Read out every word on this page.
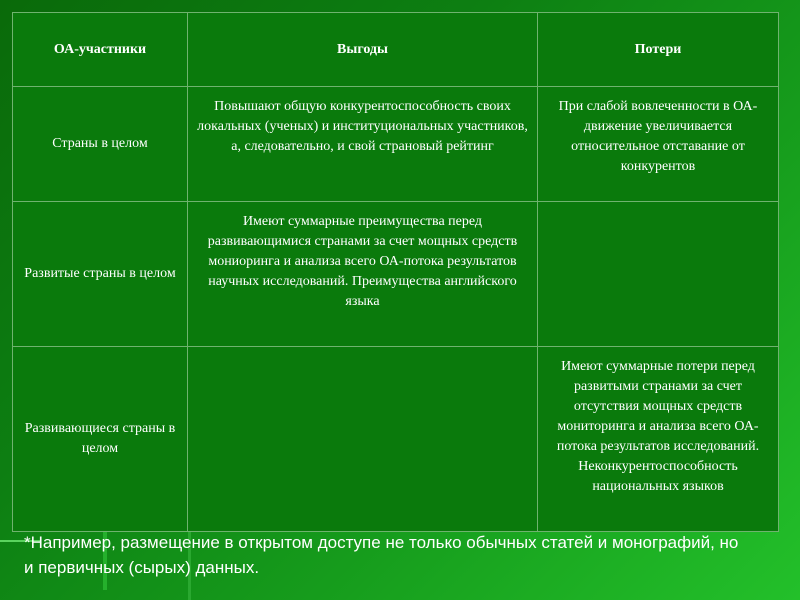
ОА-участники	Выгоды	Потери
Страны в целом	Повышают общую конкурентоспособность своих локальных (ученых) и институциональных участников, а, следовательно, и свой страновый рейтинг	При слабой вовлеченности в ОА-движение увеличивается относительное отставание от конкурентов
Развитые страны в целом	Имеют суммарные преимущества перед развивающимися странами за счет мощных средств мониоринга и анализа всего ОА-потока результатов научных исследований. Преимущества английского языка	
Развивающиеся страны в целом		Имеют суммарные потери перед развитыми странами за счет отсутствия мощных средств мониторинга и анализа всего ОА-потока результатов исследований. Неконкурентоспособность национальных языков
*Например, размещение в открытом доступе не только обычных статей и монографий, но и первичных (сырых) данных.
